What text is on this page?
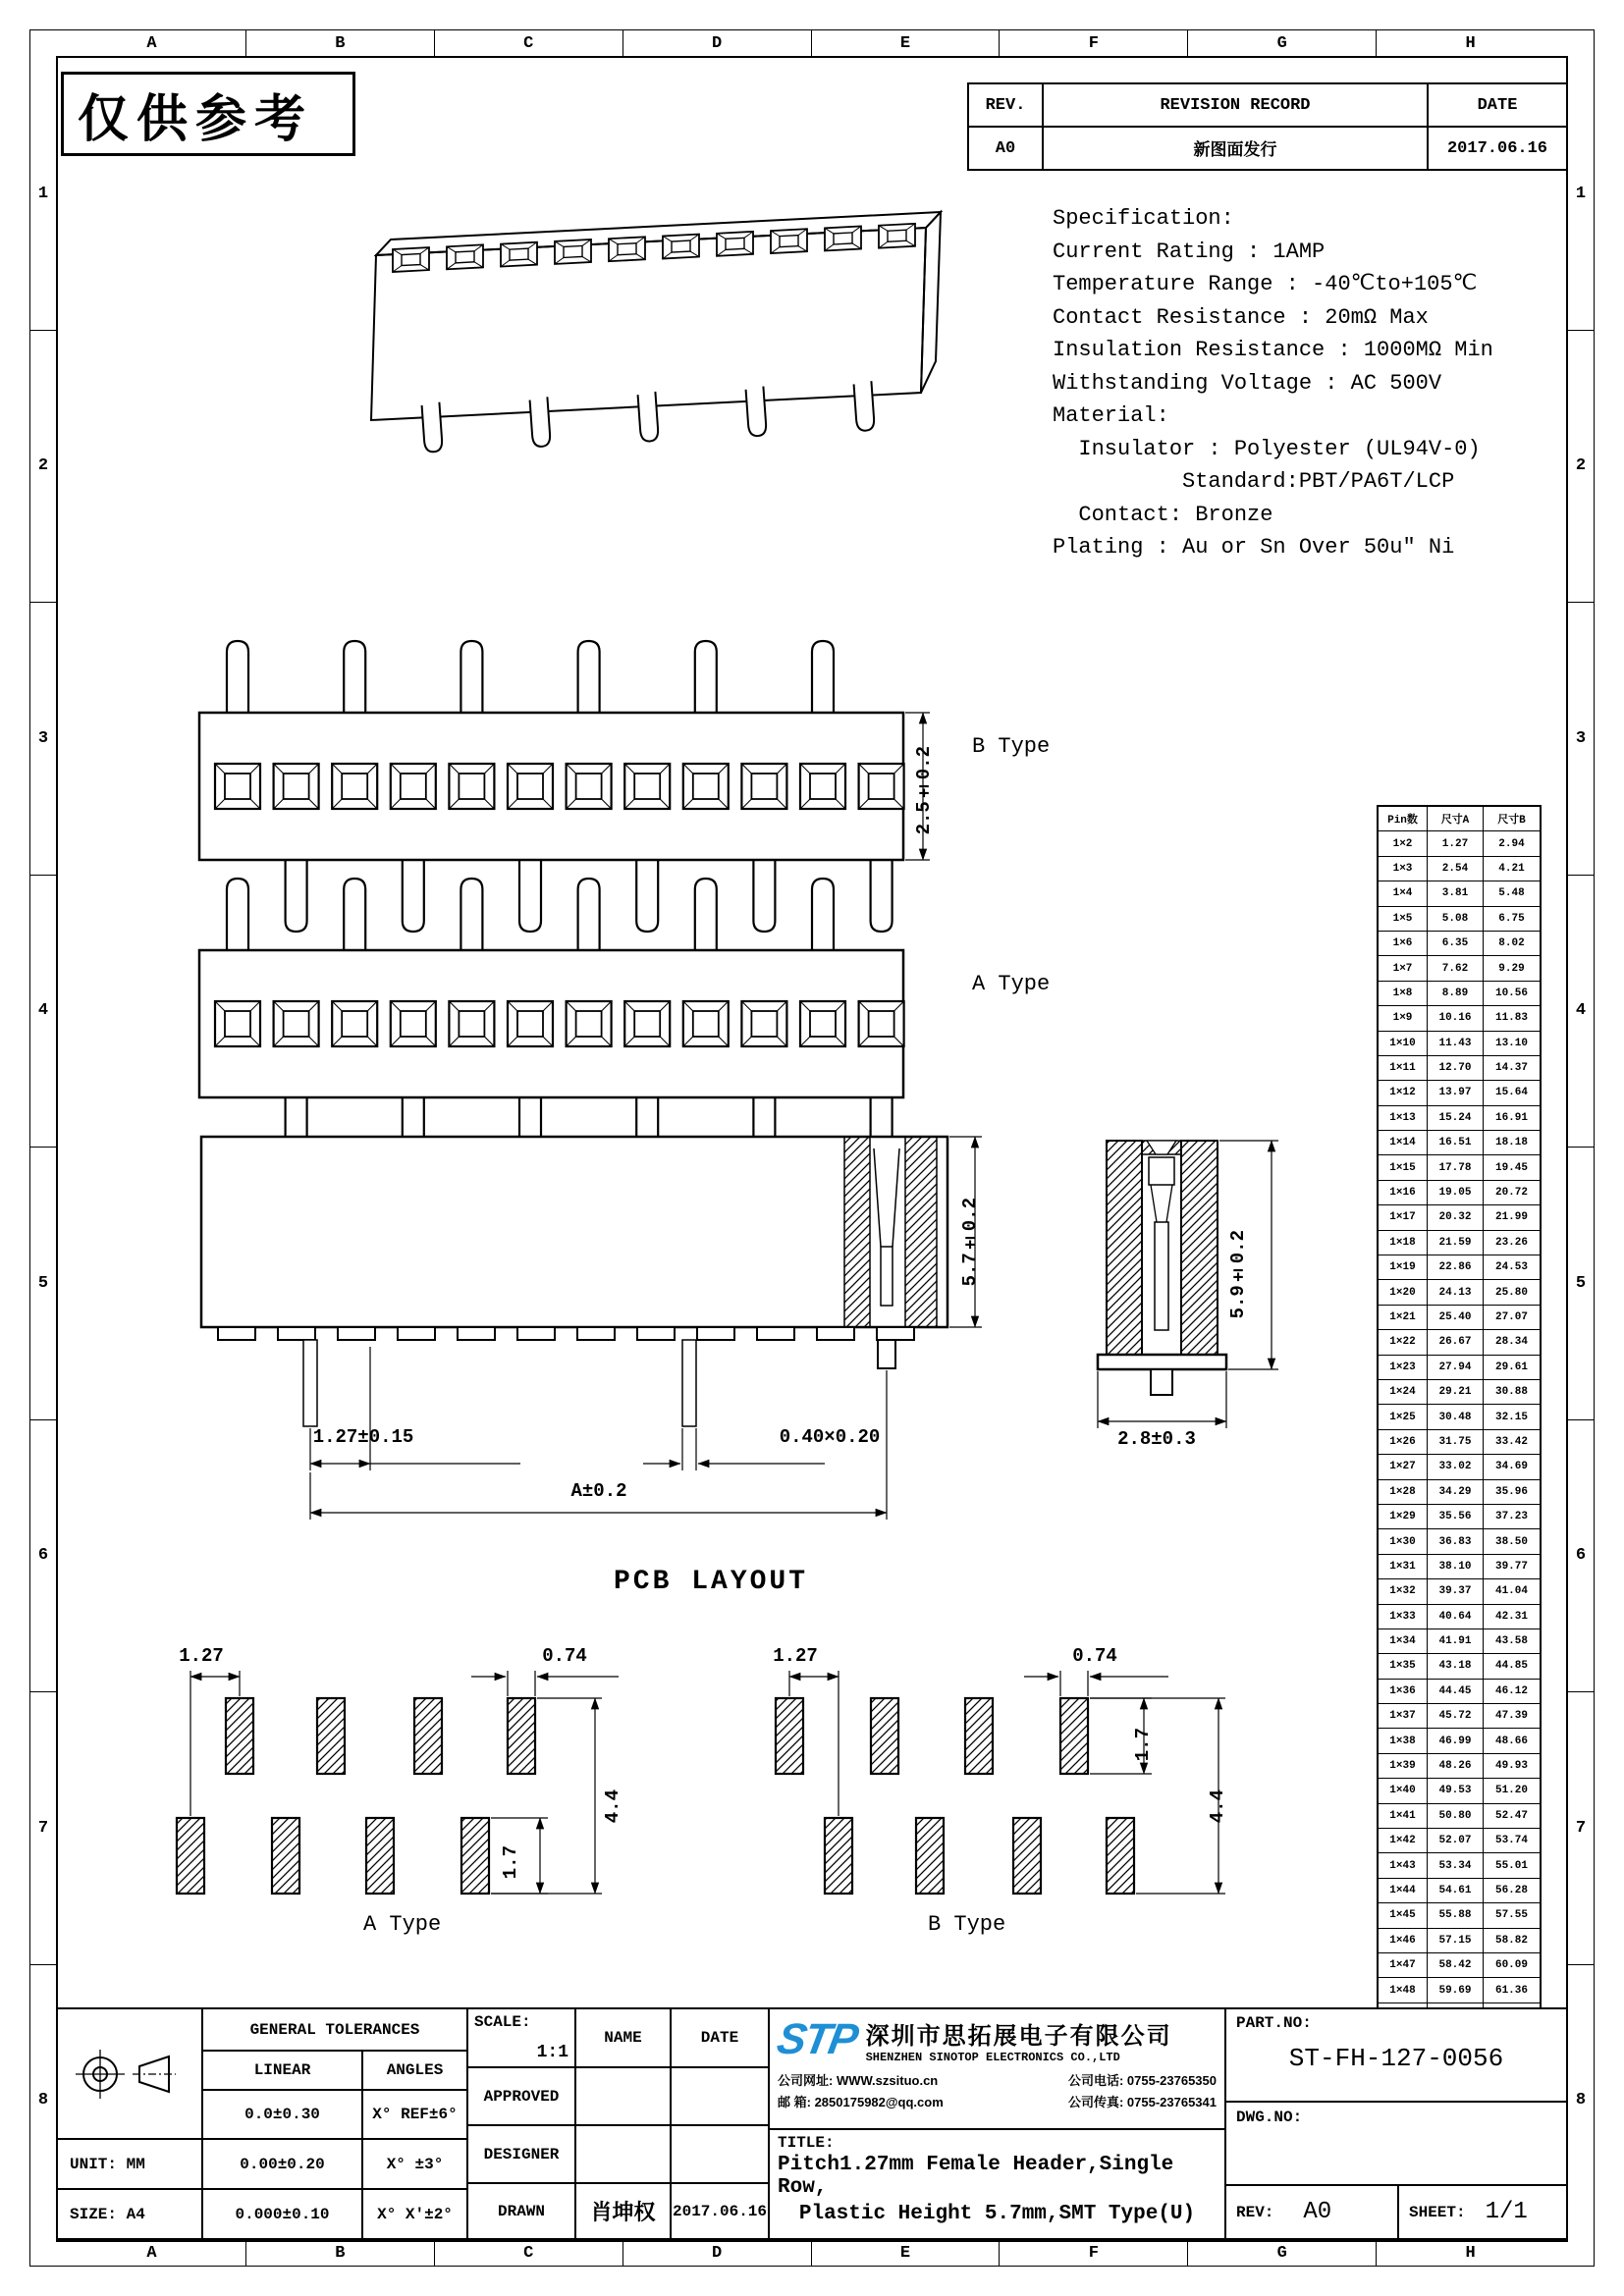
A	B	C	D	E	F	G	H
A	B	C	D	E	F	G	H
1
2
3
4
5
6
7
8
1
2
3
4
5
6
7
8
仅供参考	REV.	REVISION RECORD	DATE
A0	新图面发行	2017.06.16
Specification:
Current Rating : 1AMP
Temperature Range : -40℃to+105℃
Contact Resistance : 20mΩ Max
Insulation Resistance : 1000MΩ Min
Withstanding Voltage : AC 500V
Material:
Insulator : Polyester (UL94V-0)
Standard:PBT/PA6T/LCP
Contact: Bronze
Plating : Au or Sn Over 50u″ Ni
2.5±0.2 B Type
A Type
5.7±0.2
1.27±0.15	0.40×0.20
A±0.2
5.9±0.2
2.8±0.3
PCB LAYOUT
1.27	0.74
1.7
4.4
A Type
1.27	0.74
1.7
4.4
B Type
Pin数	尺寸A	尺寸B
1×2	1.27	2.94
1×3	2.54	4.21
1×4	3.81	5.48
1×5	5.08	6.75
1×6	6.35	8.02
1×7	7.62	9.29
1×8	8.89	10.56
1×9	10.16	11.83
1×10	11.43	13.10
1×11	12.70	14.37
1×12	13.97	15.64
1×13	15.24	16.91
1×14	16.51	18.18
1×15	17.78	19.45
1×16	19.05	20.72
1×17	20.32	21.99
1×18	21.59	23.26
1×19	22.86	24.53
1×20	24.13	25.80
1×21	25.40	27.07
1×22	26.67	28.34
1×23	27.94	29.61
1×24	29.21	30.88
1×25	30.48	32.15
1×26	31.75	33.42
1×27	33.02	34.69
1×28	34.29	35.96
1×29	35.56	37.23
1×30	36.83	38.50
1×31	38.10	39.77
1×32	39.37	41.04
1×33	40.64	42.31
1×34	41.91	43.58
1×35	43.18	44.85
1×36	44.45	46.12
1×37	45.72	47.39
1×38	46.99	48.66
1×39	48.26	49.93
1×40	49.53	51.20
1×41	50.80	52.47
1×42	52.07	53.74
1×43	53.34	55.01
1×44	54.61	56.28
1×45	55.88	57.55
1×46	57.15	58.82
1×47	58.42	60.09
1×48	59.69	61.36
UNIT: MM
SIZE: A4
GENERAL TOLERANCES
LINEAR	ANGLES
0.0±0.30	X° REF±6°
0.00±0.20	X° ±3°
0.000±0.10	X° X'±2°
SCALE:
1:1
NAME	DATE
APPROVED
DESIGNER
DRAWN 肖坤权 2017.06.16
STP 深圳市思拓展电子有限公司
SHENZHEN SINOTOP ELECTRONICS CO.,LTD
公司网址: WWW.szsituo.cn	公司电话: 0755-23765350
邮 箱: 2850175982@qq.com	公司传真: 0755-23765341
TITLE:
Pitch1.27mm Female Header,Single Row,
Plastic Height 5.7mm,SMT Type(U)
PART.NO:
ST-FH-127-0056
DWG.NO:
REV: A0	SHEET: 1/1
